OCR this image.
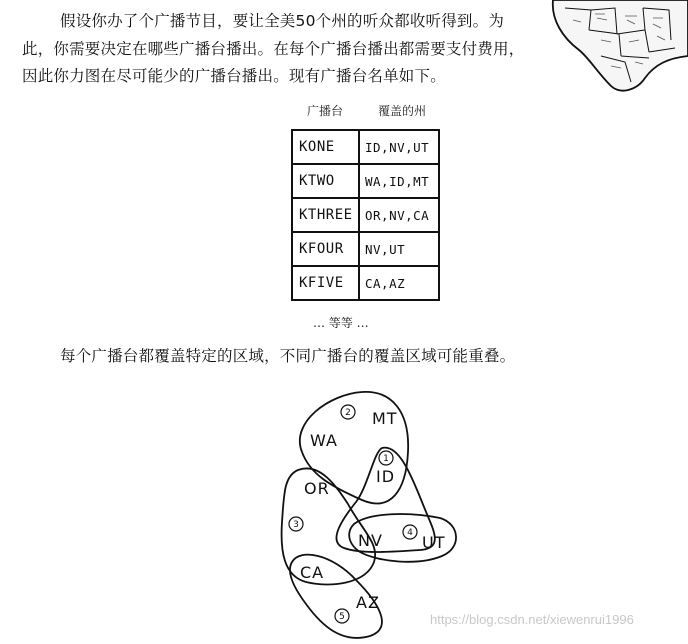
假设你办了个广播节目，要让全美50个州的听众都收听得到。为此，你需要决定在哪些广播台播出。在每个广播台播出都需要支付费用，因此你力图在尽可能少的广播台播出。现有广播台名单如下。
广播台	覆盖的州
KONE	ID,NV,UT
KTWO	WA,ID,MT
KTHREE	OR,NV,CA
KFOUR	NV,UT
KFIVE	CA,AZ
… 等等 …
每个广播台都覆盖特定的区域，不同广播台的覆盖区域可能重叠。
WA
MT
ID
OR
NV UT
CA
AZ
1
2
3
4
5	https://blog.csdn.net/xiewenrui1996
